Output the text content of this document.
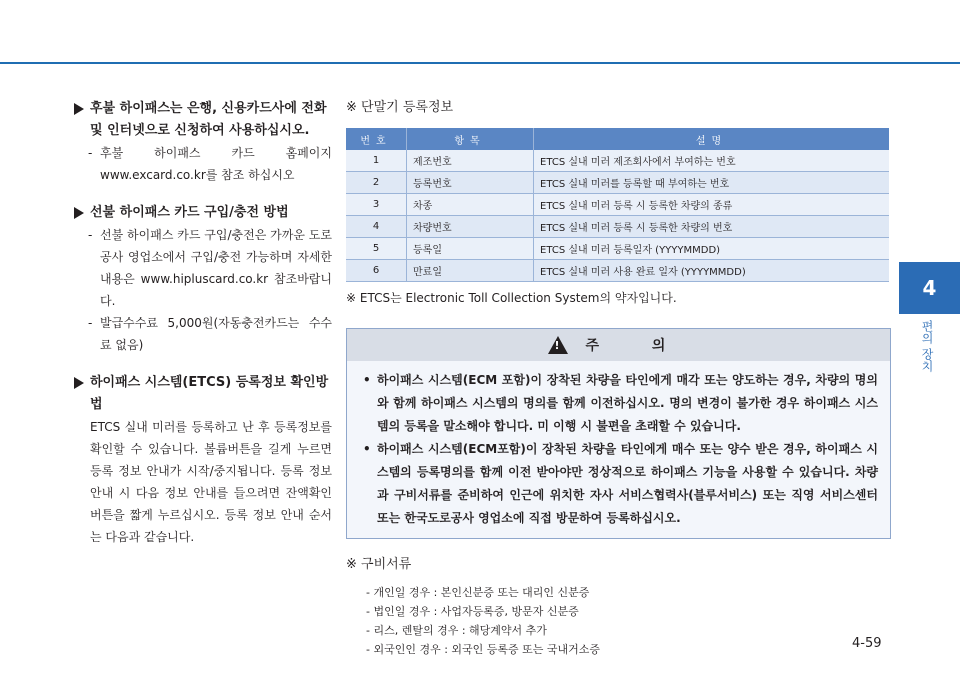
후불 하이패스는 은행, 신용카드사에 전화 및 인터넷으로 신청하여 사용하십시오.
- 후불 하이패스 카드 홈페이지 www.excard.co.kr를 참조 하십시오
선불 하이패스 카드 구입/충전 방법
- 선불 하이패스 카드 구입/충전은 가까운 도로공사 영업소에서 구입/충전 가능하며 자세한 내용은 www.hipluscard.co.kr 참조바랍니다.
- 발급수수료 5,000원(자동충전카드는 수수료 없음)
하이패스 시스템(ETCS) 등록정보 확인방법
ETCS 실내 미러를 등록하고 난 후 등록정보를 확인할 수 있습니다. 볼륨버튼을 길게 누르면 등록 정보 안내가 시작/중지됩니다. 등록 정보 안내 시 다음 정보 안내를 들으려면 잔액확인버튼을 짧게 누르십시오. 등록 정보 안내 순서는 다음과 같습니다.
※ 단말기 등록정보
번호	항목	설명
1	제조번호	ETCS 실내 미러 제조회사에서 부여하는 번호
2	등록번호	ETCS 실내 미러를 등록할 때 부여하는 번호
3	차종	ETCS 실내 미러 등록 시 등록한 차량의 종류
4	차량번호	ETCS 실내 미러 등록 시 등록한 차량의 번호
5	등록일	ETCS 실내 미러 등록일자 (YYYYMMDD)
6	만료일	ETCS 실내 미러 사용 완료 일자 (YYYYMMDD)
※ ETCS는 Electronic Toll Collection System의 약자입니다.
!
주 의
• 하이패스 시스템(ECM 포함)이 장착된 차량을 타인에게 매각 또는 양도하는 경우, 차량의 명의와 함께 하이패스 시스템의 명의를 함께 이전하십시오. 명의 변경이 불가한 경우 하이패스 시스템의 등록을 말소해야 합니다. 미 이행 시 불편을 초래할 수 있습니다.
• 하이패스 시스템(ECM포함)이 장착된 차량을 타인에게 매수 또는 양수 받은 경우, 하이패스 시스템의 등록명의를 함께 이전 받아야만 정상적으로 하이패스 기능을 사용할 수 있습니다. 차량과 구비서류를 준비하여 인근에 위치한 자사 서비스협력사(블루서비스) 또는 직영 서비스센터 또는 한국도로공사 영업소에 직접 방문하여 등록하십시오.
※ 구비서류
- 개인일 경우 : 본인신분증 또는 대리인 신분증
- 법인일 경우 : 사업자등록증, 방문자 신분증
- 리스, 렌탈의 경우 : 해당계약서 추가
- 외국인인 경우 : 외국인 등록증 또는 국내거소증
4
편의 장치
4-59
